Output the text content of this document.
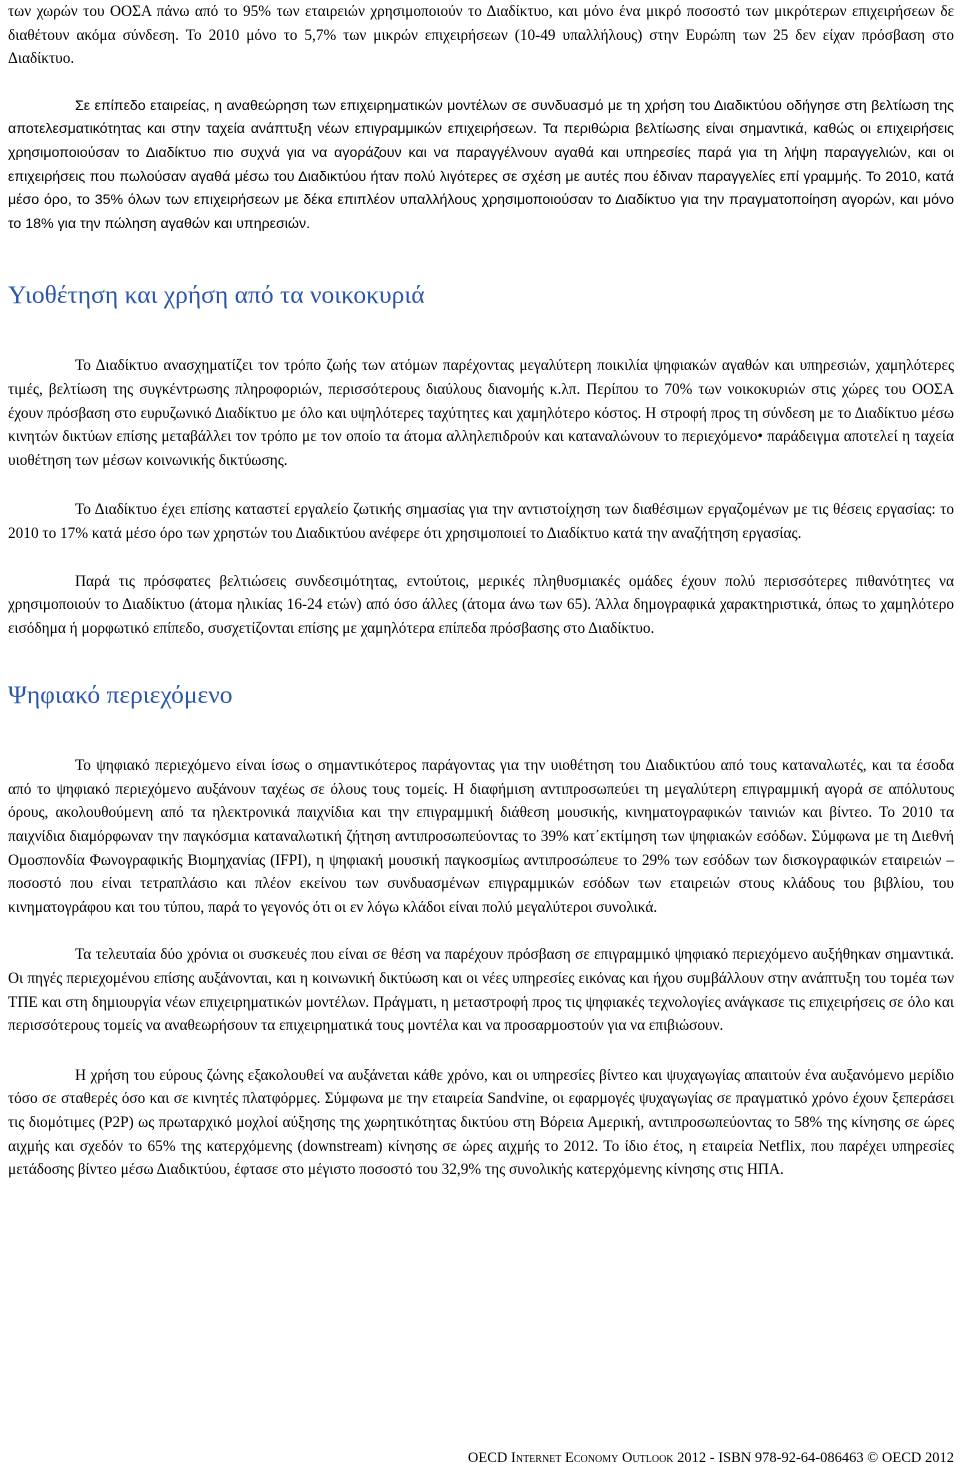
των χωρών του ΟΟΣΑ πάνω από το 95% των εταιρειών χρησιμοποιούν το Διαδίκτυο, και μόνο ένα μικρό ποσοστό των μικρότερων επιχειρήσεων δε διαθέτουν ακόμα σύνδεση. Το 2010 μόνο το 5,7% των μικρών επιχειρήσεων (10-49 υπαλλήλους) στην Ευρώπη των 25 δεν είχαν πρόσβαση στο Διαδίκτυο.

Σε επίπεδο εταιρείας, η αναθεώρηση των επιχειρηματικών μοντέλων σε συνδυασμό με τη χρήση του Διαδικτύου οδήγησε στη βελτίωση της αποτελεσματικότητας και στην ταχεία ανάπτυξη νέων επιγραμμικών επιχειρήσεων. Τα περιθώρια βελτίωσης είναι σημαντικά, καθώς οι επιχειρήσεις χρησιμοποιούσαν το Διαδίκτυο πιο συχνά για να αγοράζουν και να παραγγέλνουν αγαθά και υπηρεσίες παρά για τη λήψη παραγγελιών, και οι επιχειρήσεις που πωλούσαν αγαθά μέσω του Διαδικτύου ήταν πολύ λιγότερες σε σχέση με αυτές που έδιναν παραγγελίες επί γραμμής. Το 2010, κατά μέσο όρο, το 35% όλων των επιχειρήσεων με δέκα επιπλέον υπαλλήλους χρησιμοποιούσαν το Διαδίκτυο για την πραγματοποίηση αγορών, και μόνο το 18% για την πώληση αγαθών και υπηρεσιών.

Υιοθέτηση και χρήση από τα νοικοκυριά

Το Διαδίκτυο ανασχηματίζει τον τρόπο ζωής των ατόμων παρέχοντας μεγαλύτερη ποικιλία ψηφιακών αγαθών και υπηρεσιών, χαμηλότερες τιμές, βελτίωση της συγκέντρωσης πληροφοριών, περισσότερους διαύλους διανομής κ.λπ. Περίπου το 70% των νοικοκυριών στις χώρες του ΟΟΣΑ έχουν πρόσβαση στο ευρυζωνικό Διαδίκτυο με όλο και υψηλότερες ταχύτητες και χαμηλότερο κόστος. Η στροφή προς τη σύνδεση με το Διαδίκτυο μέσω κινητών δικτύων επίσης μεταβάλλει τον τρόπο με τον οποίο τα άτομα αλληλεπιδρούν και καταναλώνουν το περιεχόμενο• παράδειγμα αποτελεί η ταχεία υιοθέτηση των μέσων κοινωνικής δικτύωσης.

Το Διαδίκτυο έχει επίσης καταστεί εργαλείο ζωτικής σημασίας για την αντιστοίχηση των διαθέσιμων εργαζομένων με τις θέσεις εργασίας: το 2010 το 17% κατά μέσο όρο των χρηστών του Διαδικτύου ανέφερε ότι χρησιμοποιεί το Διαδίκτυο κατά την αναζήτηση εργασίας.

Παρά τις πρόσφατες βελτιώσεις συνδεσιμότητας, εντούτοις, μερικές πληθυσμιακές ομάδες έχουν πολύ περισσότερες πιθανότητες να χρησιμοποιούν το Διαδίκτυο (άτομα ηλικίας 16-24 ετών) από όσο άλλες (άτομα άνω των 65). Άλλα δημογραφικά χαρακτηριστικά, όπως το χαμηλότερο εισόδημα ή μορφωτικό επίπεδο, συσχετίζονται επίσης με χαμηλότερα επίπεδα πρόσβασης στο Διαδίκτυο.

Ψηφιακό περιεχόμενο

Το ψηφιακό περιεχόμενο είναι ίσως ο σημαντικότερος παράγοντας για την υιοθέτηση του Διαδικτύου από τους καταναλωτές, και τα έσοδα από το ψηφιακό περιεχόμενο αυξάνουν ταχέως σε όλους τους τομείς. Η διαφήμιση αντιπροσωπεύει τη μεγαλύτερη επιγραμμική αγορά σε απόλυτους όρους, ακολουθούμενη από τα ηλεκτρονικά παιχνίδια και την επιγραμμική διάθεση μουσικής, κινηματογραφικών ταινιών και βίντεο. Το 2010 τα παιχνίδια διαμόρφωναν την παγκόσμια καταναλωτική ζήτηση αντιπροσωπεύοντας το 39% κατ΄εκτίμηση των ψηφιακών εσόδων. Σύμφωνα με τη Διεθνή Ομοσπονδία Φωνογραφικής Βιομηχανίας (IFPI), η ψηφιακή μουσική παγκοσμίως αντιπροσώπευε το 29% των εσόδων των δισκογραφικών εταιρειών –ποσοστό που είναι τετραπλάσιο και πλέον εκείνου των συνδυασμένων επιγραμμικών εσόδων των εταιρειών στους κλάδους του βιβλίου, του κινηματογράφου και του τύπου, παρά το γεγονός ότι οι εν λόγω κλάδοι είναι πολύ μεγαλύτεροι συνολικά.

Τα τελευταία δύο χρόνια οι συσκευές που είναι σε θέση να παρέχουν πρόσβαση σε επιγραμμικό ψηφιακό περιεχόμενο αυξήθηκαν σημαντικά. Οι πηγές περιεχομένου επίσης αυξάνονται, και η κοινωνική δικτύωση και οι νέες υπηρεσίες εικόνας και ήχου συμβάλλουν στην ανάπτυξη του τομέα των ΤΠΕ και στη δημιουργία νέων επιχειρηματικών μοντέλων. Πράγματι, η μεταστροφή προς τις ψηφιακές τεχνολογίες ανάγκασε τις επιχειρήσεις σε όλο και περισσότερους τομείς να αναθεωρήσουν τα επιχειρηματικά τους μοντέλα και να προσαρμοστούν για να επιβιώσουν.

Η χρήση του εύρους ζώνης εξακολουθεί να αυξάνεται κάθε χρόνο, και οι υπηρεσίες βίντεο και ψυχαγωγίας απαιτούν ένα αυξανόμενο μερίδιο τόσο σε σταθερές όσο και σε κινητές πλατφόρμες. Σύμφωνα με την εταιρεία Sandvine, οι εφαρμογές ψυχαγωγίας σε πραγματικό χρόνο έχουν ξεπεράσει τις διομότιμες (P2P) ως πρωταρχικό μοχλοί αύξησης της χωρητικότητας δικτύου στη Βόρεια Αμερική, αντιπροσωπεύοντας το 58% της κίνησης σε ώρες αιχμής και σχεδόν το 65% της κατερχόμενης (downstream) κίνησης σε ώρες αιχμής το 2012. Το ίδιο έτος, η εταιρεία Netflix, που παρέχει υπηρεσίες μετάδοσης βίντεο μέσω Διαδικτύου, έφτασε στο μέγιστο ποσοστό του 32,9% της συνολικής κατερχόμενης κίνησης στις ΗΠΑ.

OECD Internet Economy Outlook 2012 - ISBN 978-92-64-086463 © OECD 2012
